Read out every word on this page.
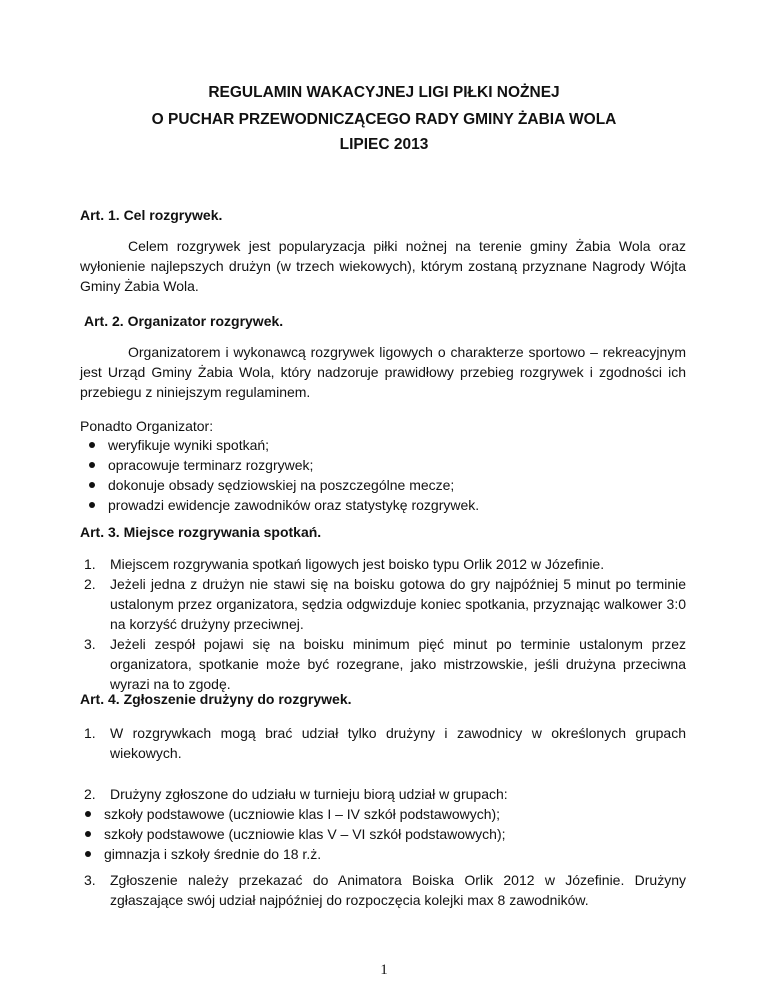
REGULAMIN WAKACYJNEJ LIGI PIŁKI NOŻNEJ
O PUCHAR PRZEWODNICZĄCEGO RADY GMINY ŻABIA WOLA
LIPIEC 2013
Art. 1. Cel rozgrywek.
Celem rozgrywek jest popularyzacja piłki nożnej na terenie gminy Żabia Wola oraz wyłonienie najlepszych drużyn (w trzech wiekowych), którym zostaną przyznane Nagrody Wójta Gminy Żabia Wola.
Art. 2. Organizator rozgrywek.
Organizatorem i wykonawcą rozgrywek ligowych o charakterze sportowo – rekreacyjnym jest Urząd Gminy Żabia Wola, który nadzoruje prawidłowy przebieg rozgrywek i zgodności ich przebiegu z niniejszym regulaminem.
Ponadto Organizator:
weryfikuje wyniki spotkań;
opracowuje terminarz rozgrywek;
dokonuje obsady sędziowskiej na poszczególne mecze;
prowadzi ewidencje zawodników oraz statystykę rozgrywek.
Art. 3. Miejsce rozgrywania spotkań.
1.	Miejscem rozgrywania spotkań ligowych jest boisko typu Orlik 2012 w Józefinie.
2.	Jeżeli jedna z drużyn nie stawi się na boisku gotowa do gry najpóźniej 5 minut po terminie ustalonym przez organizatora, sędzia odgwizduje koniec spotkania, przyznając walkower 3:0 na korzyść drużyny przeciwnej.
3.	Jeżeli zespół pojawi się na boisku minimum pięć minut po terminie ustalonym przez organizatora, spotkanie może być rozegrane, jako mistrzowskie, jeśli drużyna przeciwna wyrazi na to zgodę.
Art. 4. Zgłoszenie drużyny do rozgrywek.
1.	W rozgrywkach mogą brać udział tylko drużyny i zawodnicy w określonych grupach wiekowych.
2.	Drużyny zgłoszone do udziału w turnieju biorą udział w grupach:
szkoły podstawowe (uczniowie klas I – IV szkół podstawowych);
szkoły podstawowe (uczniowie klas V – VI szkół podstawowych);
gimnazja i szkoły średnie do 18 r.ż.
3.	Zgłoszenie należy przekazać do Animatora Boiska Orlik 2012 w Józefinie. Drużyny zgłaszające swój udział najpóźniej do rozpoczęcia kolejki max 8 zawodników.
1
